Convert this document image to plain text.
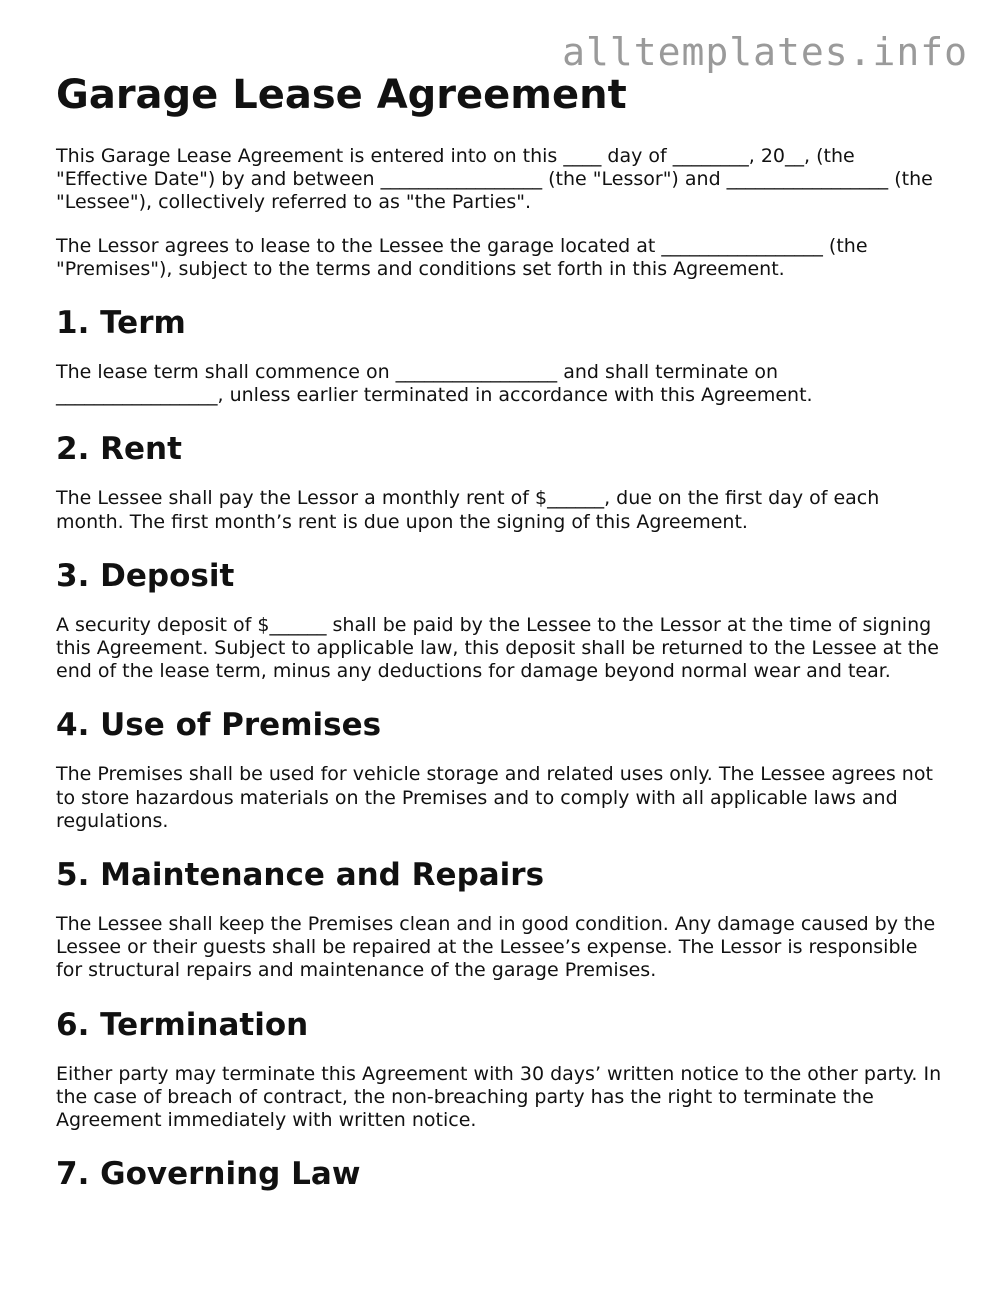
alltemplates.info
Garage Lease Agreement

This Garage Lease Agreement is entered into on this ____ day of ________, 20__, (the "Effective Date") by and between _________________ (the "Lessor") and _________________ (the "Lessee"), collectively referred to as "the Parties".

The Lessor agrees to lease to the Lessee the garage located at _________________ (the "Premises"), subject to the terms and conditions set forth in this Agreement.

1. Term

The lease term shall commence on _________________ and shall terminate on _________________, unless earlier terminated in accordance with this Agreement.

2. Rent

The Lessee shall pay the Lessor a monthly rent of $______, due on the first day of each month. The first month’s rent is due upon the signing of this Agreement.

3. Deposit

A security deposit of $______ shall be paid by the Lessee to the Lessor at the time of signing this Agreement. Subject to applicable law, this deposit shall be returned to the Lessee at the end of the lease term, minus any deductions for damage beyond normal wear and tear.

4. Use of Premises

The Premises shall be used for vehicle storage and related uses only. The Lessee agrees not to store hazardous materials on the Premises and to comply with all applicable laws and regulations.

5. Maintenance and Repairs

The Lessee shall keep the Premises clean and in good condition. Any damage caused by the Lessee or their guests shall be repaired at the Lessee’s expense. The Lessor is responsible for structural repairs and maintenance of the garage Premises.

6. Termination

Either party may terminate this Agreement with 30 days’ written notice to the other party. In the case of breach of contract, the non-breaching party has the right to terminate the Agreement immediately with written notice.

7. Governing Law
